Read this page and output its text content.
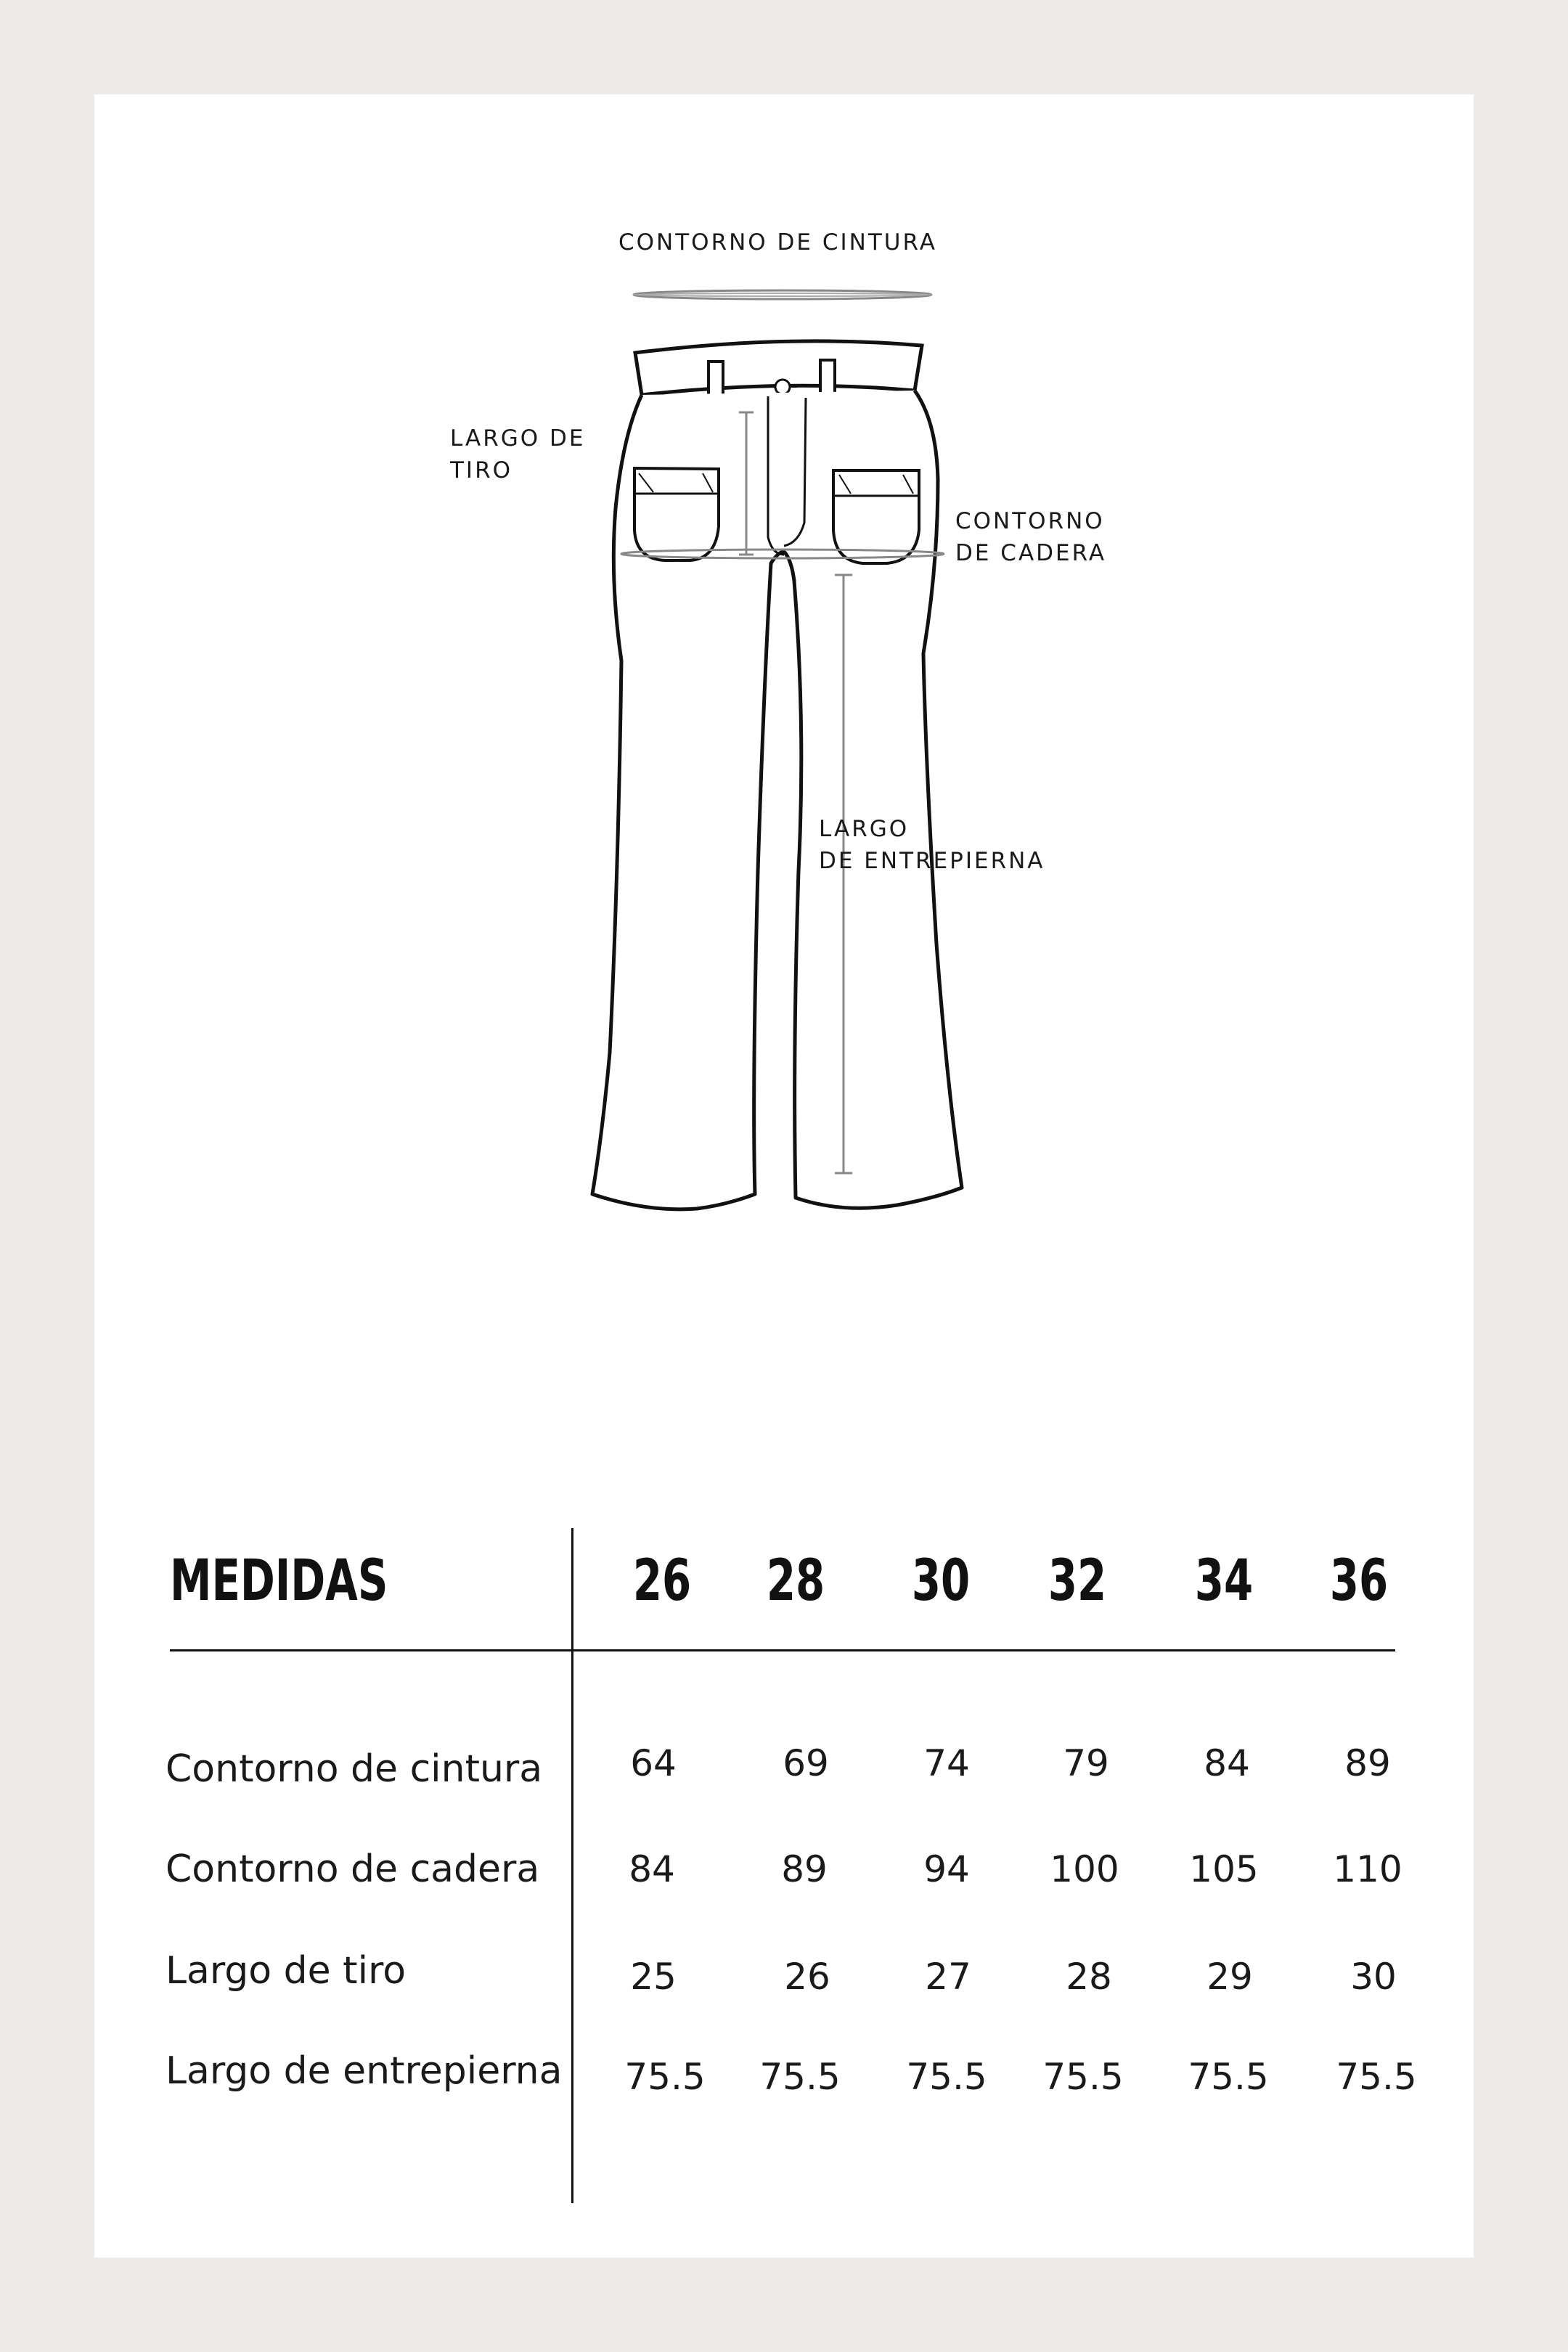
CONTORNO DE CINTURA
LARGO DE
TIRO
CONTORNO
DE CADERA
LARGO
DE ENTREPIERNA
MEDIDAS	26	28	30	32	34	36
Contorno de cintura	64	69	74	79	84	89
Contorno de cadera	84	89	94	100	105	110
Largo de tiro	25	26	27	28	29	30
Largo de entrepierna	75.5	75.5	75.5	75.5	75.5	75.5
